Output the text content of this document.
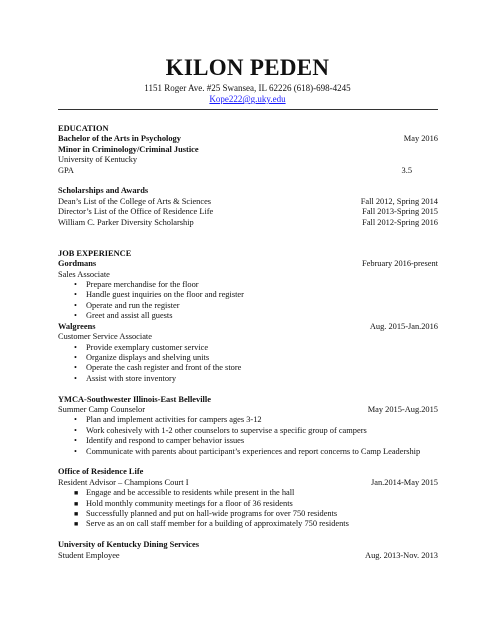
KILON PEDEN
1151 Roger Ave. #25 Swansea, IL 62226 (618)-698-4245
Kope222@g.uky.edu
EDUCATION
Bachelor of the Arts in Psychology	May 2016
Minor in Criminology/Criminal Justice
University of Kentucky
GPA	3.5
Scholarships and Awards
Dean’s List of the College of Arts & Sciences	Fall 2012, Spring 2014
Director’s List of the Office of Residence Life	Fall 2013-Spring 2015
William C. Parker Diversity Scholarship	Fall 2012-Spring 2016
JOB EXPERIENCE
Gordmans	February 2016-present
Sales Associate
• Prepare merchandise for the floor
• Handle guest inquiries on the floor and register
• Operate and run the register
• Greet and assist all guests
Walgreens	Aug. 2015-Jan.2016
Customer Service Associate
• Provide exemplary customer service
• Organize displays and shelving units
• Operate the cash register and front of the store
• Assist with store inventory
YMCA-Southwester Illinois-East Belleville
Summer Camp Counselor	May 2015-Aug.2015
• Plan and implement activities for campers ages 3-12
• Work cohesively with 1-2 other counselors to supervise a specific group of campers
• Identify and respond to camper behavior issues
• Communicate with parents about participant’s experiences and report concerns to Camp Leadership
Office of Residence Life
Resident Advisor – Champions Court I	Jan.2014-May 2015
■ Engage and be accessible to residents while present in the hall
■ Hold monthly community meetings for a floor of 36 residents
■ Successfully planned and put on hall-wide programs for over 750 residents
■ Serve as an on call staff member for a building of approximately 750 residents
University of Kentucky Dining Services
Student Employee	Aug. 2013-Nov. 2013
